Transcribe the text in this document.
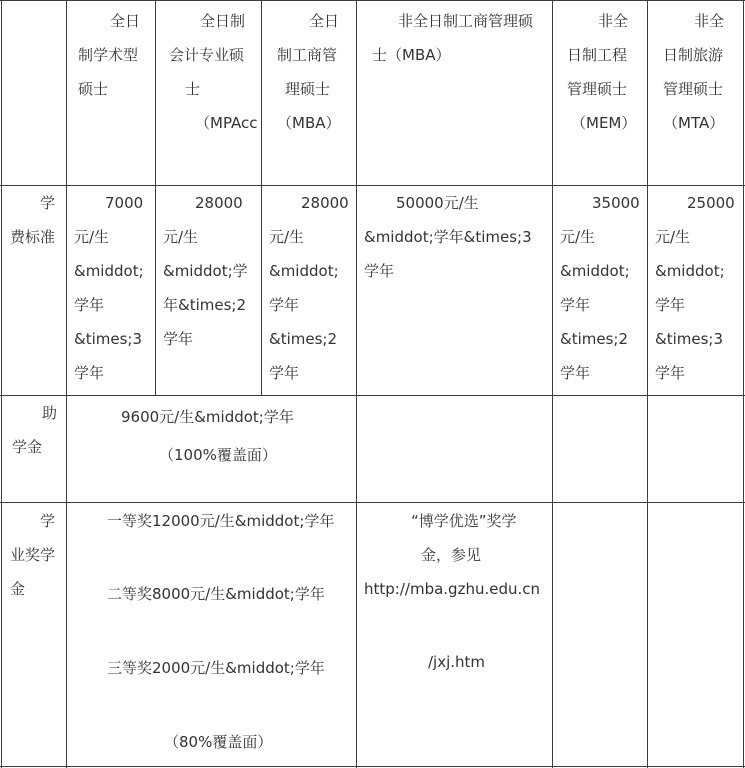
全日
制学术型
硕士
全日制
会计专业硕
士
（MPAcc
全日
制工商管
理硕士
（MBA）
非全日制工商管理硕
士（MBA）
非全
日制工程
管理硕士
（MEM）
非全
日制旅游
管理硕士
（MTA）
学
费标准
7000
元/生
&middot;
学年
&times;3
学年
28000
元/生
&middot;学
年&times;2
学年
28000
元/生
&middot;
学年
&times;2
学年
50000元/生
&middot;学年&times;3
学年
35000
元/生
&middot;
学年
&times;2
学年
25000
元/生
&middot;
学年
&times;3
学年
助
学金
9600元/生&middot;学年
（100%覆盖面）
学
业奖学
金
一等奖12000元/生&middot;学年
二等奖8000元/生&middot;学年
三等奖2000元/生&middot;学年
（80%覆盖面）
“博学优选”奖学
金，参见
http://mba.gzhu.edu.cn
/jxj.htm
